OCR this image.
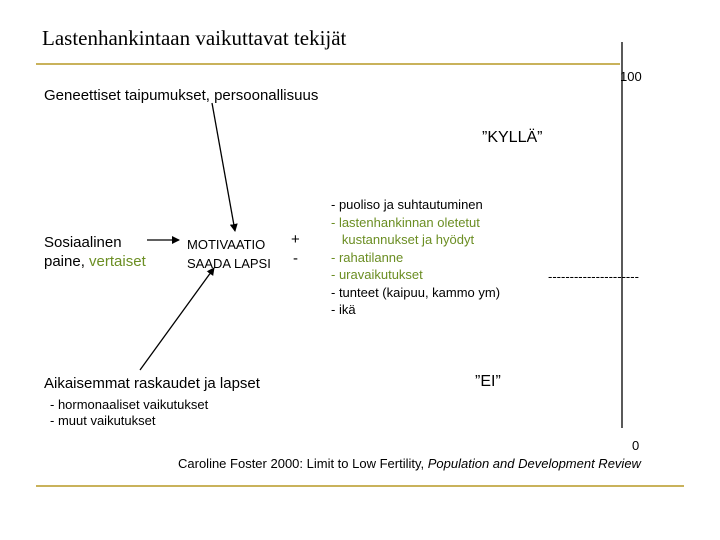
Lastenhankintaan vaikuttavat tekijät
100
Geneettiset taipumukset, persoonallisuus
”KYLLÄ”
Sosiaalinen
paine, vertaiset
MOTIVAATIO
SAADA LAPSI
+
-
- puoliso ja suhtautuminen
- lastenhankinnan oletetut
kustannukset ja hyödyt
- rahatilanne
- uravaikutukset
- tunteet (kaipuu, kammo ym)
- ikä
---------------------
Aikaisemmat raskaudet ja lapset	”EI”
- hormonaaliset vaikutukset
- muut vaikutukset
0
Caroline Foster 2000: Limit to Low Fertility, Population and Development Review
